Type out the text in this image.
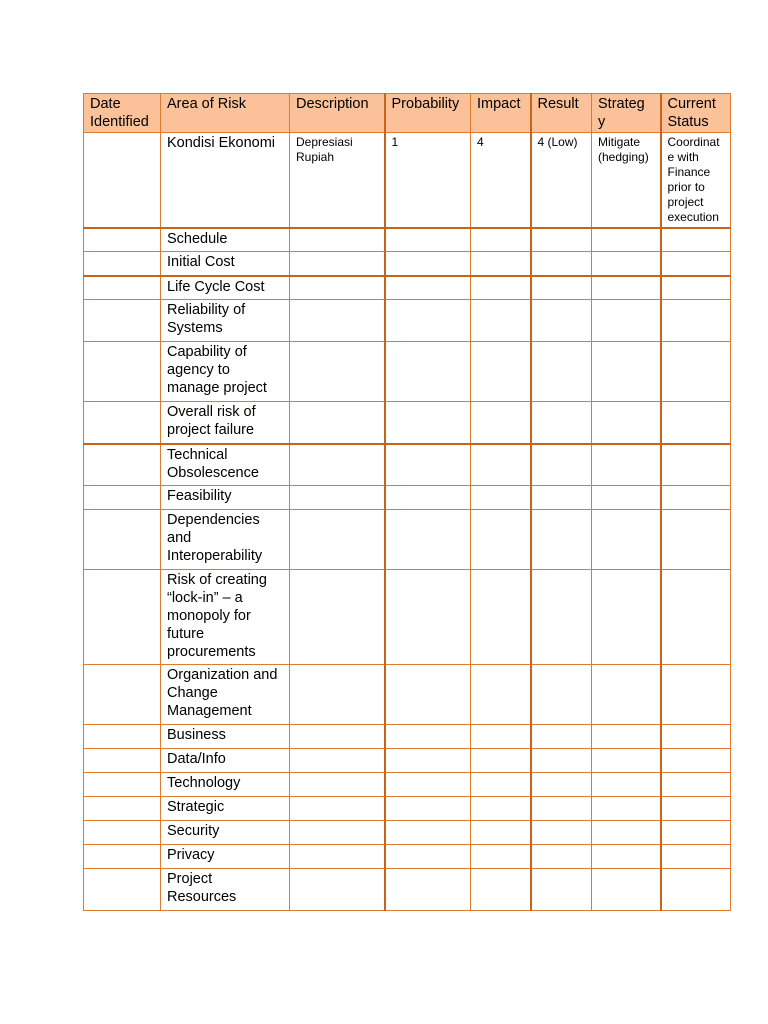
Date Identified	Area of Risk	Description	Probability	Impact	Result	Strateg y	Current Status
	Kondisi Ekonomi	Depresiasi Rupiah	1	4	4 (Low)	Mitigate (hedging)	Coordinat e with Finance prior to project execution
	Schedule						
	Initial Cost						
	Life Cycle Cost						
	Reliability of Systems						
	Capability of agency to manage project						
	Overall risk of project failure						
	Technical Obsolescence						
	Feasibility						
	Dependencies and Interoperability						
	Risk of creating “lock-in” – a monopoly for future procurements						
	Organization and Change Management						
	Business						
	Data/Info						
	Technology						
	Strategic						
	Security						
	Privacy						
	Project Resources						
